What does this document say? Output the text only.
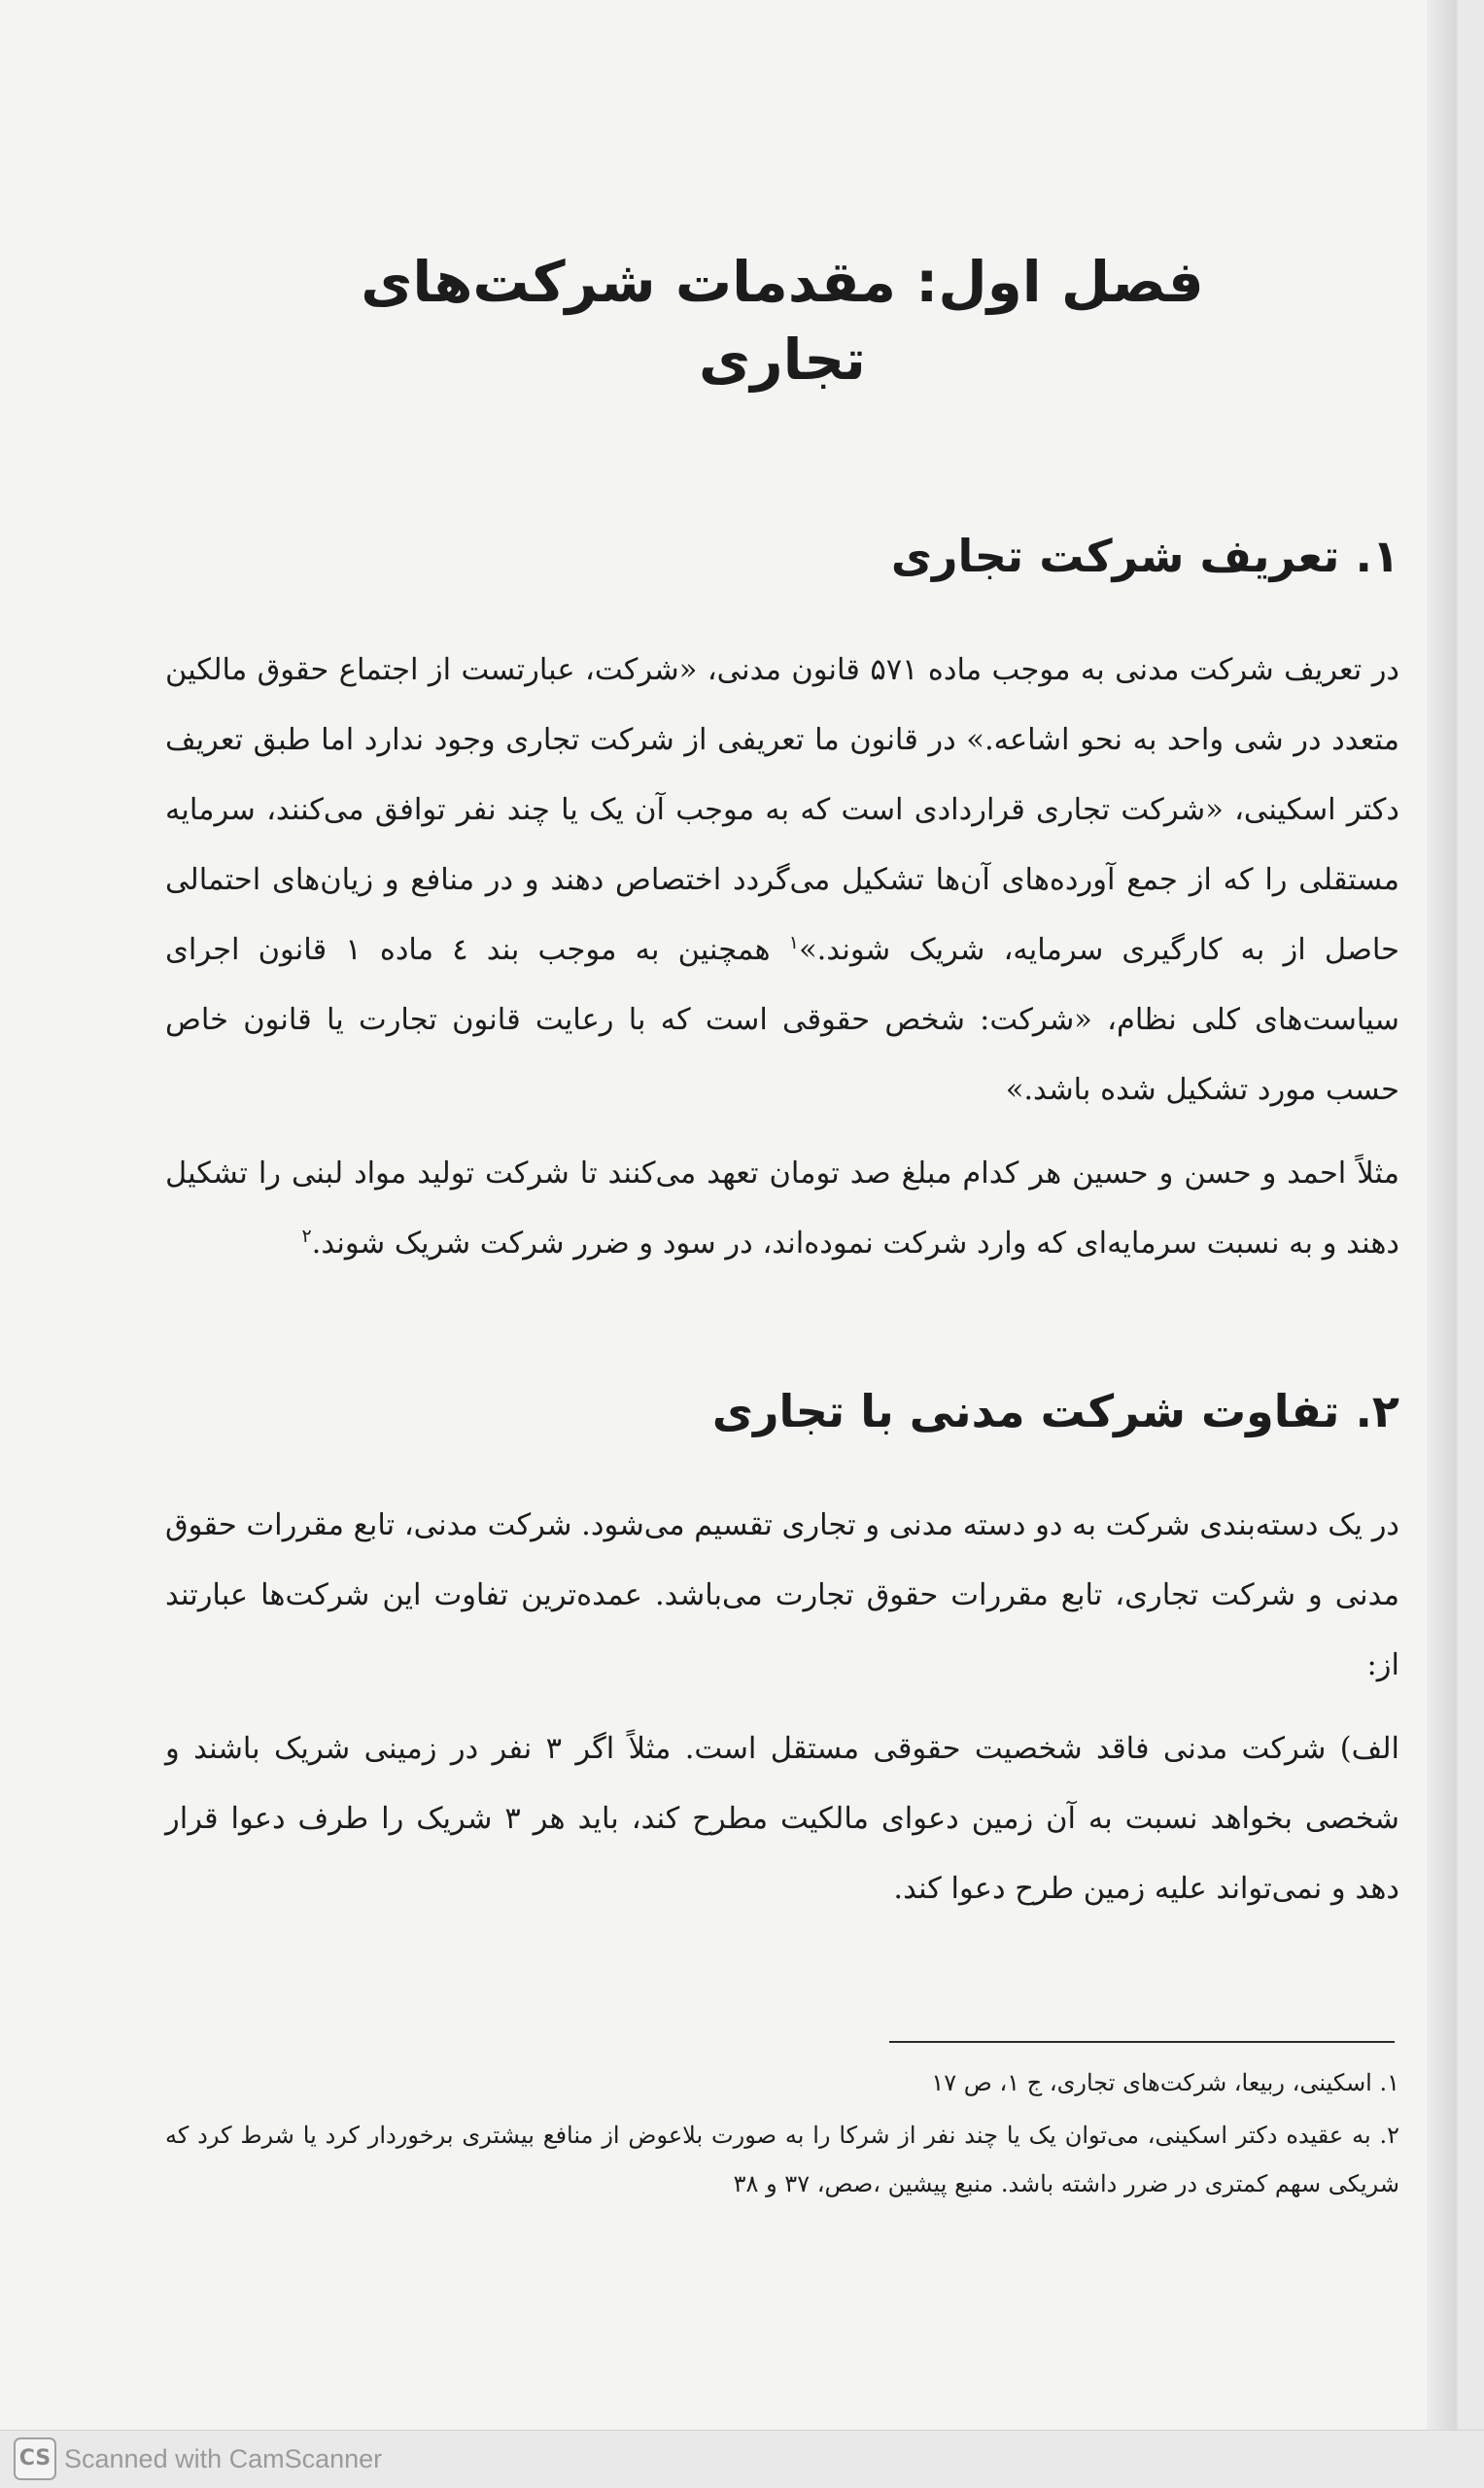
فصل اول: مقدمات شرکت‌های تجاری
۱. تعریف شرکت تجاری

در تعریف شرکت مدنی به موجب ماده ۵۷۱ قانون مدنی، «شرکت، عبارتست از اجتماع حقوق مالکین متعدد در شی واحد به نحو اشاعه.» در قانون ما تعریفی از شرکت تجاری وجود ندارد اما طبق تعریف دکتر اسکینی، «شرکت تجاری قراردادی است که به موجب آن یک یا چند نفر توافق می‌کنند، سرمایه مستقلی را که از جمع آورده‌های آن‌ها تشکیل می‌گردد اختصاص دهند و در منافع و زیان‌های احتمالی حاصل از به کارگیری سرمایه، شریک شوند.»$^۱$ همچنین به موجب بند ٤ ماده ۱ قانون اجرای سیاست‌های کلی نظام، «شرکت: شخص حقوقی است که با رعایت قانون تجارت یا قانون خاص حسب مورد تشکیل شده باشد.»

مثلاً احمد و حسن و حسین هر کدام مبلغ صد تومان تعهد می‌کنند تا شرکت تولید مواد لبنی را تشکیل دهند و به نسبت سرمایه‌ای که وارد شرکت نموده‌اند، در سود و ضرر شرکت شریک شوند.$^۲$

۲. تفاوت شرکت مدنی با تجاری

در یک دسته‌بندی شرکت به دو دسته مدنی و تجاری تقسیم می‌شود. شرکت مدنی، تابع مقررات حقوق مدنی و شرکت تجاری، تابع مقررات حقوق تجارت می‌باشد. عمده‌ترین تفاوت این شرکت‌ها عبارتند از:

الف) شرکت مدنی فاقد شخصیت حقوقی مستقل است. مثلاً اگر ۳ نفر در زمینی شریک باشند و شخصی بخواهد نسبت به آن زمین دعوای مالکیت مطرح کند، باید هر ۳ شریک را طرف دعوا قرار دهد و نمی‌تواند علیه زمین طرح دعوا کند.

۱. اسکینی، ربیعا، شرکت‌های تجاری، ج ۱، ص ١٧

۲. به عقیده دکتر اسکینی، می‌توان یک یا چند نفر از شرکا را به صورت بلاعوض از منافع بیشتری برخوردار کرد یا شرط کرد که شریکی سهم کمتری در ضرر داشته باشد. منبع پیشین ،صص، ۳۷ و ۳۸

CS Scanned with CamScanner
